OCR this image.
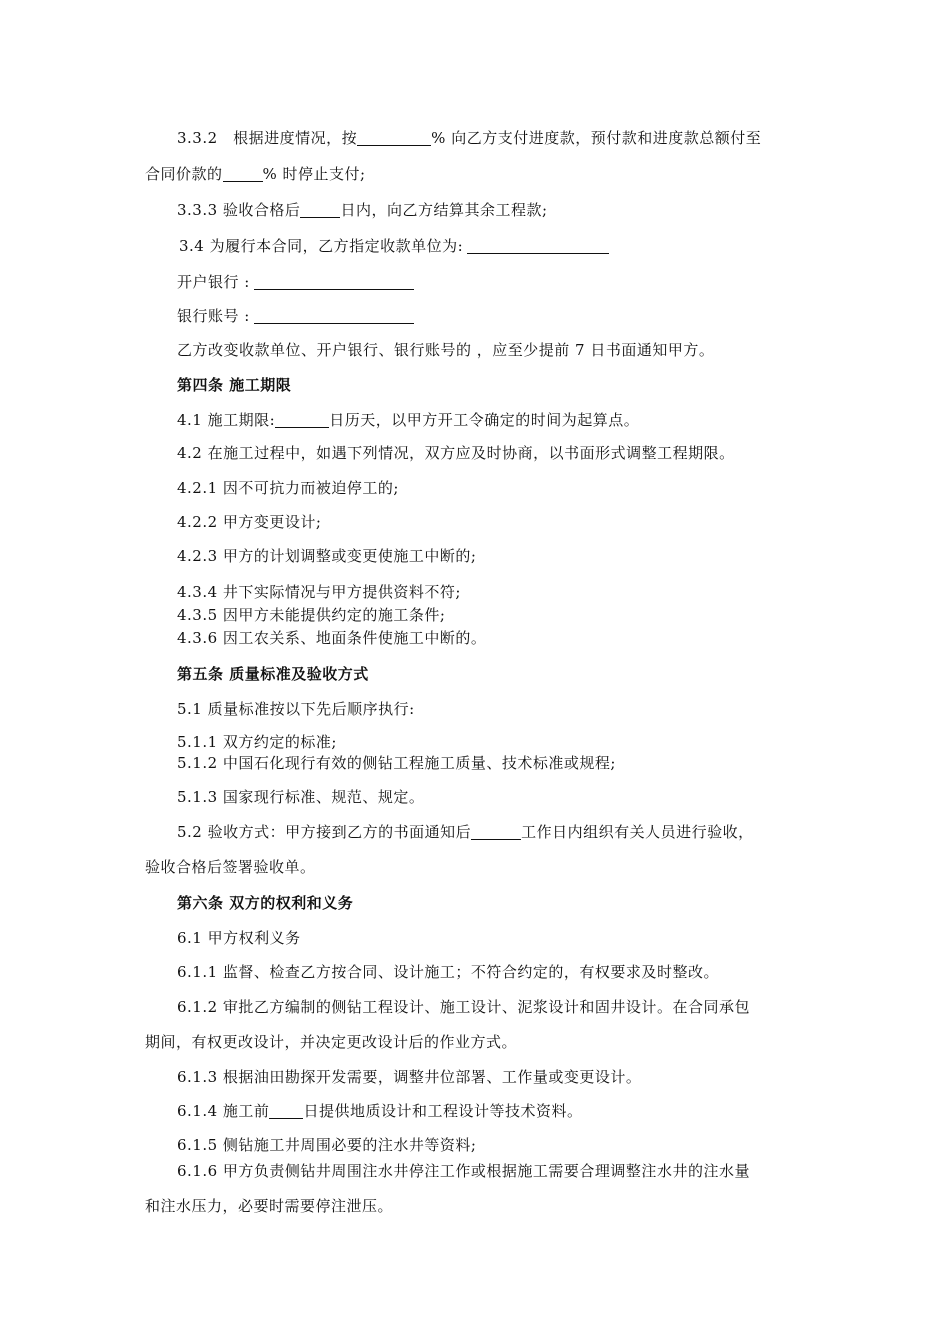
3.3.2　根据进度情况，按	% 向乙方支付进度款，预付款和进度款总额付至
合同价款的	% 时停止支付;
3.3.3 验收合格后	日内，向乙方结算其余工程款;
3.4 为履行本合同，乙方指定收款单位为:
开户银行 :
银行账号 :
乙方改变收款单位、开户银行、银行账号的 ，应至少提前 7 日书面通知甲方。
第四条 施工期限
4.1 施工期限:	日历天，以甲方开工令确定的时间为起算点。
4.2 在施工过程中，如遇下列情况，双方应及时协商，以书面形式调整工程期限。
4.2.1 因不可抗力而被迫停工的;
4.2.2 甲方变更设计;
4.2.3 甲方的计划调整或变更使施工中断的;
4.3.4 井下实际情况与甲方提供资料不符;
4.3.5 因甲方未能提供约定的施工条件;
4.3.6 因工农关系、地面条件使施工中断的。
第五条 质量标准及验收方式
5.1 质量标准按以下先后顺序执行:
5.1.1 双方约定的标准;
5.1.2 中国石化现行有效的侧钻工程施工质量、技术标准或规程;
5.1.3 国家现行标准、规范、规定。
5.2 验收方式：甲方接到乙方的书面通知后	工作日内组织有关人员进行验收，
验收合格后签署验收单。
第六条 双方的权利和义务
6.1 甲方权利义务
6.1.1 监督、检查乙方按合同、设计施工；不符合约定的，有权要求及时整改。
6.1.2 审批乙方编制的侧钻工程设计、施工设计、泥浆设计和固井设计。在合同承包
期间，有权更改设计，并决定更改设计后的作业方式。
6.1.3 根据油田勘探开发需要，调整井位部署、工作量或变更设计。
6.1.4 施工前 日提供地质设计和工程设计等技术资料。
6.1.5 侧钻施工井周围必要的注水井等资料;
6.1.6 甲方负责侧钻井周围注水井停注工作或根据施工需要合理调整注水井的注水量
和注水压力，必要时需要停注泄压。
